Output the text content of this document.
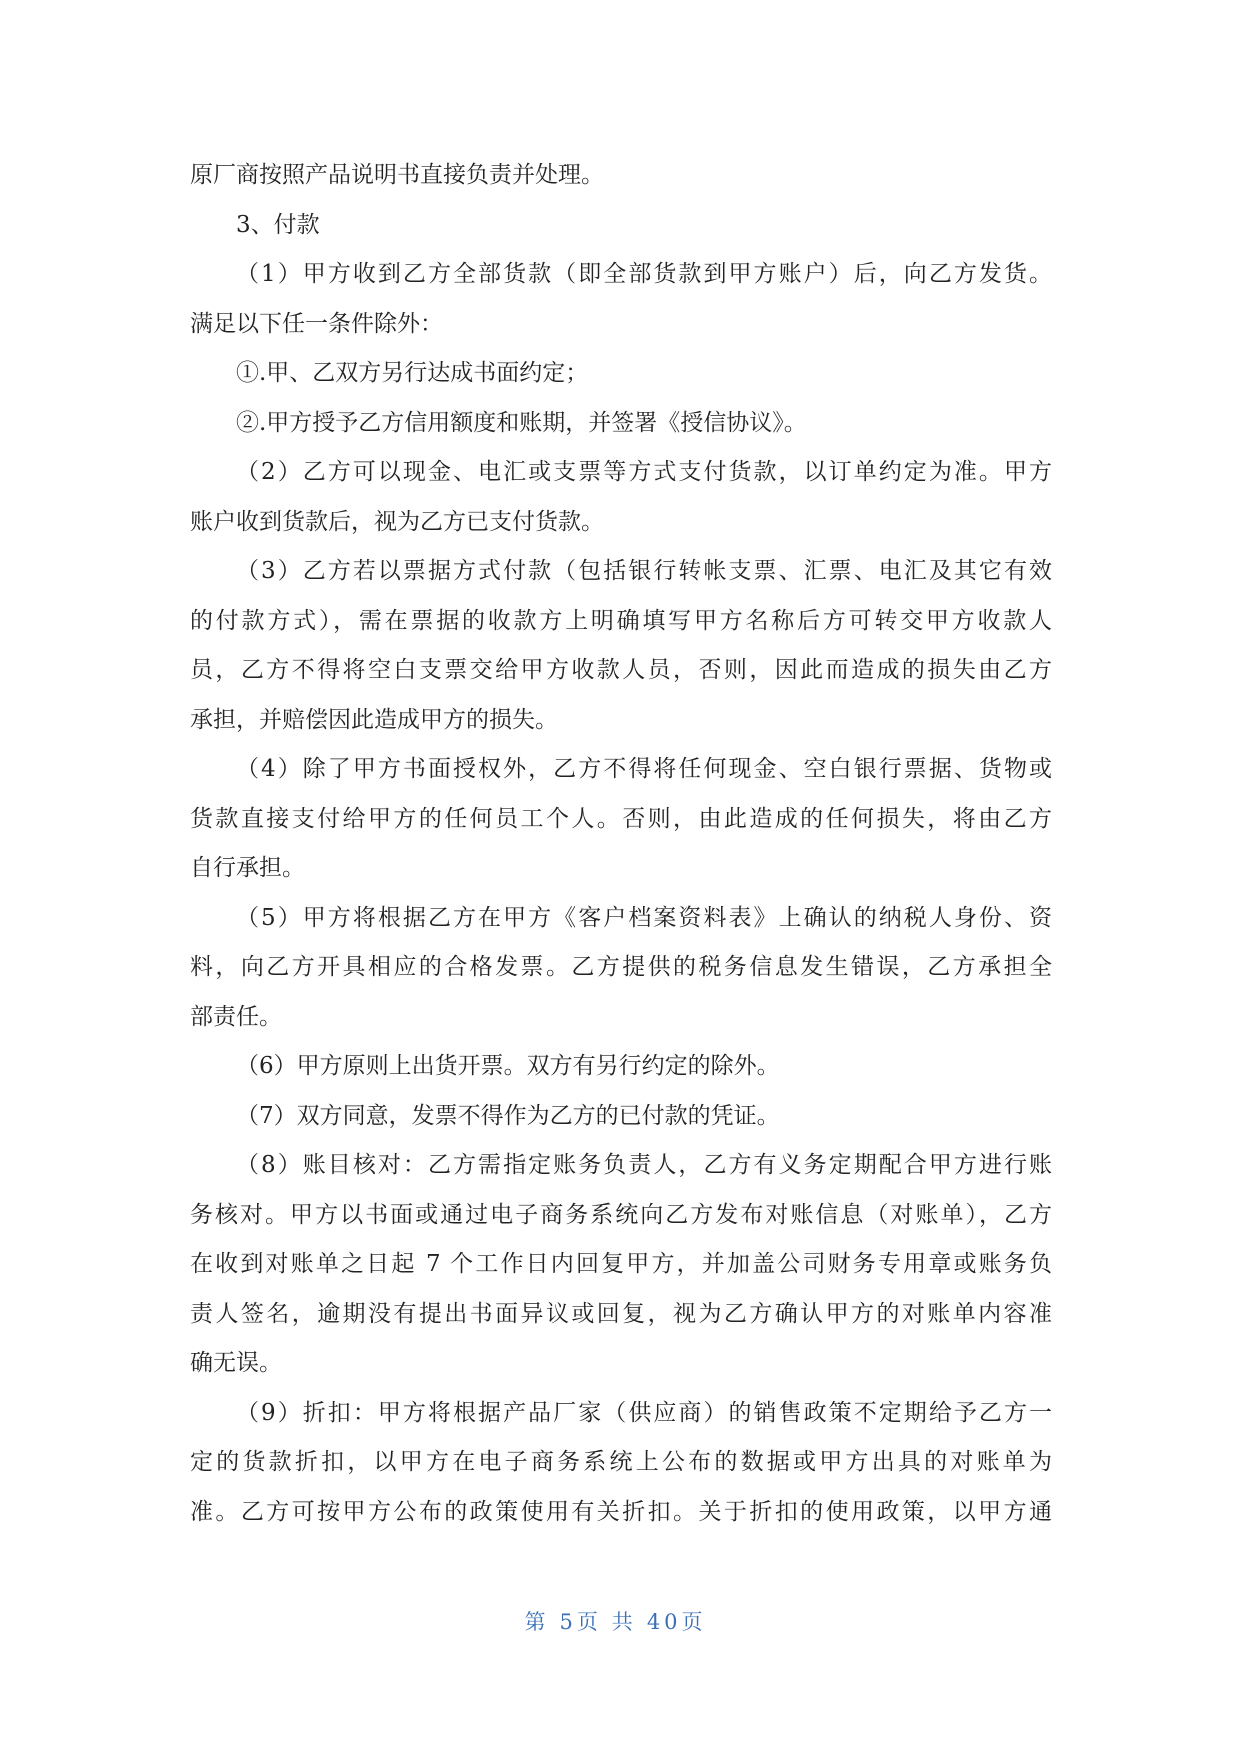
原厂商按照产品说明书直接负责并处理。
3、付款
（1）甲方收到乙方全部货款（即全部货款到甲方账户）后，向乙方发货。
满足以下任一条件除外：
①.甲、乙双方另行达成书面约定；
②.甲方授予乙方信用额度和账期，并签署《授信协议》。
（2）乙方可以现金、电汇或支票等方式支付货款，以订单约定为准。甲方
账户收到货款后，视为乙方已支付货款。
（3）乙方若以票据方式付款（包括银行转帐支票、汇票、电汇及其它有效
的付款方式），需在票据的收款方上明确填写甲方名称后方可转交甲方收款人
员，乙方不得将空白支票交给甲方收款人员，否则，因此而造成的损失由乙方
承担，并赔偿因此造成甲方的损失。
（4）除了甲方书面授权外，乙方不得将任何现金、空白银行票据、货物或
货款直接支付给甲方的任何员工个人。否则，由此造成的任何损失，将由乙方
自行承担。
（5）甲方将根据乙方在甲方《客户档案资料表》上确认的纳税人身份、资
料，向乙方开具相应的合格发票。乙方提供的税务信息发生错误，乙方承担全
部责任。
（6）甲方原则上出货开票。双方有另行约定的除外。
（7）双方同意，发票不得作为乙方的已付款的凭证。
（8）账目核对：乙方需指定账务负责人，乙方有义务定期配合甲方进行账
务核对。甲方以书面或通过电子商务系统向乙方发布对账信息（对账单），乙方
在收到对账单之日起 7 个工作日内回复甲方，并加盖公司财务专用章或账务负
责人签名，逾期没有提出书面异议或回复，视为乙方确认甲方的对账单内容准
确无误。
（9）折扣：甲方将根据产品厂家（供应商）的销售政策不定期给予乙方一
定的货款折扣，以甲方在电子商务系统上公布的数据或甲方出具的对账单为
准。乙方可按甲方公布的政策使用有关折扣。关于折扣的使用政策，以甲方通
第5页共40页
